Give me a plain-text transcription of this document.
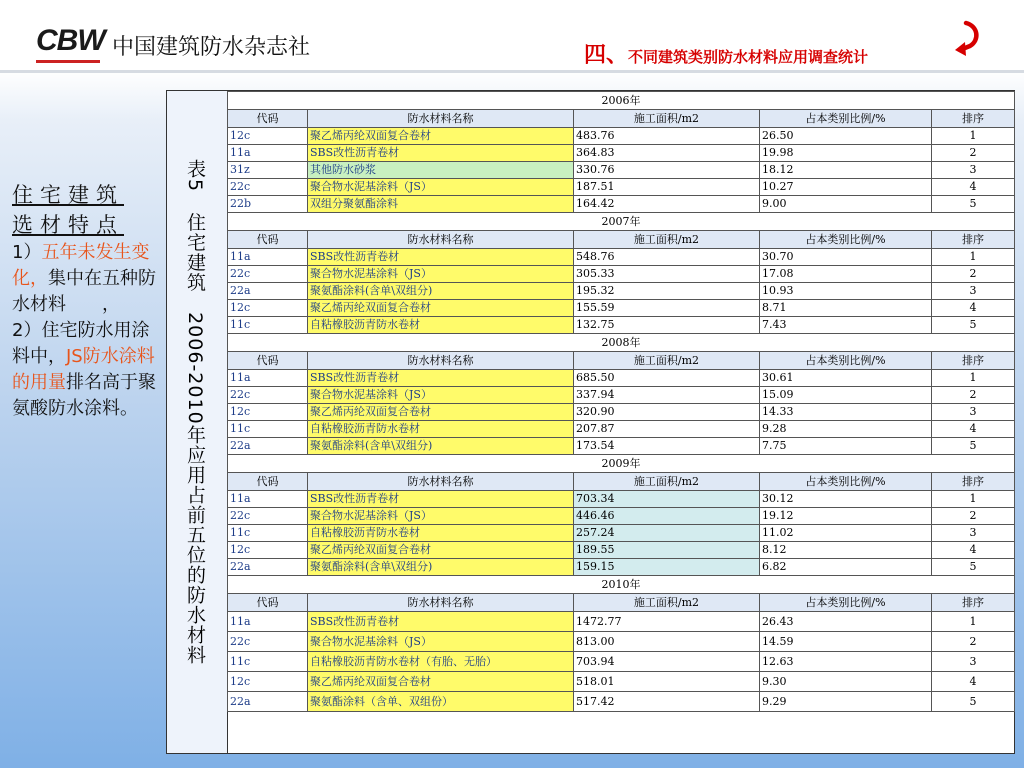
CBW 中国建筑防水杂志社	四、不同建筑类别防水材料应用调查统计
住宅建筑
选材特点
1）五年未发生变化，集中在五种防水材料　　，
2）住宅防水用涂料中，JS防水涂料的用量排名高于聚氨酸防水涂料。	表5　住宅建筑　2006-2010年应用占前五位的防水材料
2006年				
代码	防水材料名称	施工面积/m2	占本类别比例/%	排序
12c	聚乙烯丙纶双面复合卷材	483.76	26.50	1
11a	SBS改性沥青卷材	364.83	19.98	2
31z	其他防水砂浆	330.76	18.12	3
22c	聚合物水泥基涂料（JS）	187.51	10.27	4
22b	双组分聚氨酯涂料	164.42	9.00	5
2007年				
代码	防水材料名称	施工面积/m2	占本类别比例/%	排序
11a	SBS改性沥青卷材	548.76	30.70	1
22c	聚合物水泥基涂料（JS）	305.33	17.08	2
22a	聚氨酯涂料(含单\双组分)	195.32	10.93	3
12c	聚乙烯丙纶双面复合卷材	155.59	8.71	4
11c	自粘橡胶沥青防水卷材	132.75	7.43	5
2008年				
代码	防水材料名称	施工面积/m2	占本类别比例/%	排序
11a	SBS改性沥青卷材	685.50	30.61	1
22c	聚合物水泥基涂料（JS）	337.94	15.09	2
12c	聚乙烯丙纶双面复合卷材	320.90	14.33	3
11c	自粘橡胶沥青防水卷材	207.87	9.28	4
22a	聚氨酯涂料(含单\双组分)	173.54	7.75	5
2009年				
代码	防水材料名称	施工面积/m2	占本类别比例/%	排序
11a	SBS改性沥青卷材	703.34	30.12	1
22c	聚合物水泥基涂料（JS）	446.46	19.12	2
11c	自粘橡胶沥青防水卷材	257.24	11.02	3
12c	聚乙烯丙纶双面复合卷材	189.55	8.12	4
22a	聚氨酯涂料(含单\双组分)	159.15	6.82	5
2010年				
代码	防水材料名称	施工面积/m2	占本类别比例/%	排序
11a	SBS改性沥青卷材	1472.77	26.43	1
22c	聚合物水泥基涂料（JS）	813.00	14.59	2
11c	自粘橡胶沥青防水卷材（有胎、无胎）	703.94	12.63	3
12c	聚乙烯丙纶双面复合卷材	518.01	9.30	4
22a	聚氨酯涂料（含单、双组份）	517.42	9.29	5
